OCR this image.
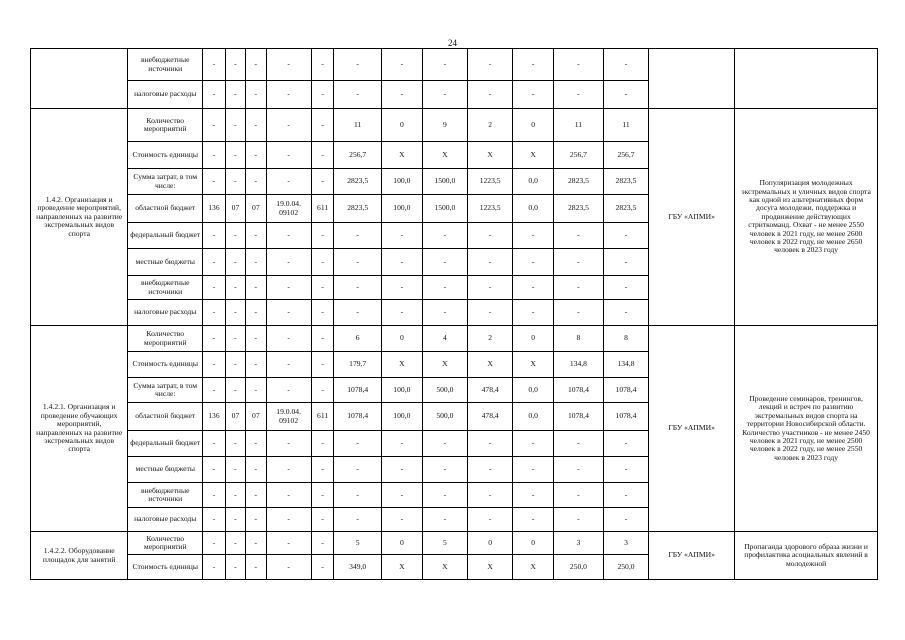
24
	внебюджетные источники	-	-	-	-	-	-	-	-	-	-	-	-		
	налоговые расходы	-	-	-	-	-	-	-	-	-	-	-	-		
1.4.2. Организация и проведение мероприятий, направленных на развитие экстремальных видов спорта	Количество мероприятий	-	-	-	-	-	11	0	9	2	0	11	11	ГБУ «АПМИ»	Популяризация молодежных экстремальных и уличных видов спорта как одной из альтернативных форм досуга молодежи, поддержка и продвижение действующих стриткоманд. Охват - не менее 2550 человек в 2021 году, не менее 2600 человек в 2022 году, не менее 2650 человек в 2023 году
	Стоимость единицы	-	-	-	-	-	256,7	X	X	X	X	256,7	256,7		
	Сумма затрат, в том числе:	-	-	-	-	-	2823,5	100,0	1500,0	1223,5	0,0	2823,5	2823,5		
	областной бюджет	136	07	07	19.0.04. 09102	611	2823,5	100,0	1500,0	1223,5	0,0	2823,5	2823,5		
	федеральный бюджет	-	-	-	-	-	-	-	-	-	-	-	-		
	местные бюджеты	-	-	-	-	-	-	-	-	-	-	-	-		
	внебюджетные источники	-	-	-	-	-	-	-	-	-	-	-	-		
	налоговые расходы	-	-	-	-	-	-	-	-	-	-	-	-		
1.4.2.1. Организация и проведение обучающих мероприятий, направленных на развитие экстремальных видов спорта	Количество мероприятий	-	-	-	-	-	6	0	4	2	0	8	8	ГБУ «АПМИ»	Проведение семинаров, тренингов, лекций и встреч по развитию экстремальных видов спорта на территории Новосибирской области. Количество участников - не менее 2450 человек в 2021 году, не менее 2500 человек в 2022 году, не менее 2550 человек в 2023 году
	Стоимость единицы	-	-	-	-	-	179,7	X	X	X	X	134,8	134,8		
	Сумма затрат, в том числе:	-	-	-	-	-	1078,4	100,0	500,0	478,4	0,0	1078,4	1078,4		
	областной бюджет	136	07	07	19.0.04. 09102	611	1078,4	100,0	500,0	478,4	0,0	1078,4	1078,4		
	федеральный бюджет	-	-	-	-	-	-	-	-	-	-	-	-		
	местные бюджеты	-	-	-	-	-	-	-	-	-	-	-	-		
	внебюджетные источники	-	-	-	-	-	-	-	-	-	-	-	-		
	налоговые расходы	-	-	-	-	-	-	-	-	-	-	-	-		
1.4.2.2. Оборудование площадок для занятий	Количество мероприятий	-	-	-	-	-	5	0	5	0	0	3	3	ГБУ «АПМИ»	Пропаганда здорового образа жизни и профилактика асоциальных явлений в молодежной
	Стоимость единицы	-	-	-	-	-	349,0	X	X	X	X	250,0	250,0		
